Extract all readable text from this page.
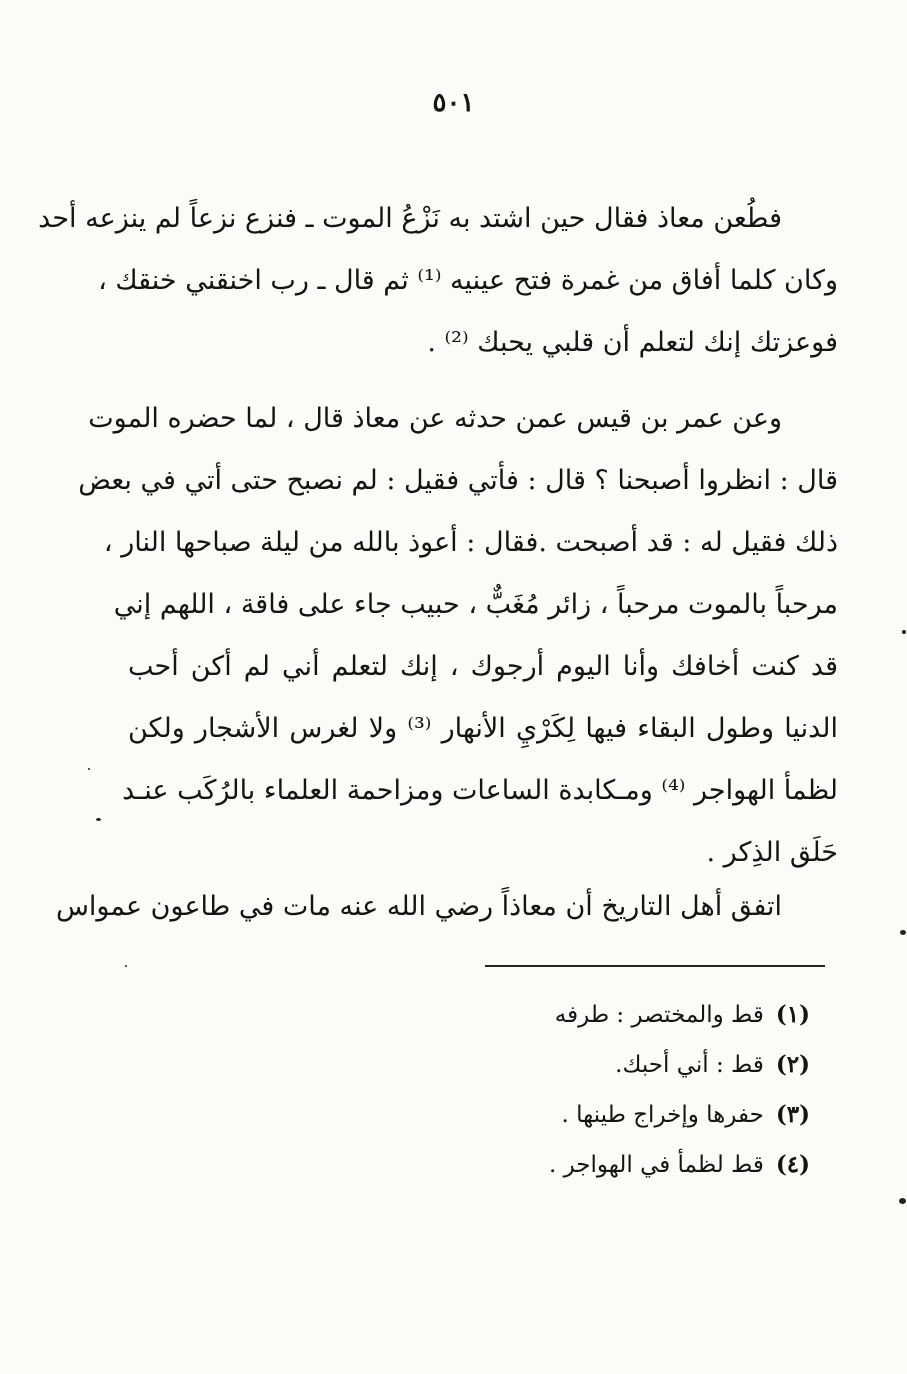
٥٠١
فطُعن معاذ فقال حين اشتد به نَزْعُ الموت ـ فنزع نزعاً لم ينزعه أحد
وكان كلما أفاق من غمرة فتح عينيه ⁽¹⁾ ثم قال ـ رب اخنقني خنقك ،
فوعزتك إنك لتعلم أن قلبي يحبك ⁽²⁾ .
وعن عمر بن قيس عمن حدثه عن معاذ قال ، لما حضره الموت
قال : انظروا أصبحنا ؟ قال : فأتي فقيل : لم نصبح حتى أتي في بعض
ذلك فقيل له : قد أصبحت .فقال : أعوذ بالله من ليلة صباحها النار ،
مرحباً بالموت مرحباً ، زائر مُغَبٌّ ، حبيب جاء على فاقة ، اللهم إني
قد كنت أخافك وأنا اليوم أرجوك ، إنك لتعلم أني لم أكن أحب
الدنيا وطول البقاء فيها لِكَرْيِ الأنهار ⁽³⁾ ولا لغرس الأشجار ولكن
لظمأ الهواجر ⁽⁴⁾ ومـكابدة الساعات ومزاحمة العلماء بالرُكَب عنـد
حَلَق الذِكر .
اتفق أهل التاريخ أن معاذاً رضي الله عنه مات في طاعون عمواس
(١)قط والمختصر : طرفه
(٢)قط : أني أحبك.
(٣)حفرها وإخراج طينها .
(٤)قط لظمأ في الهواجر .
